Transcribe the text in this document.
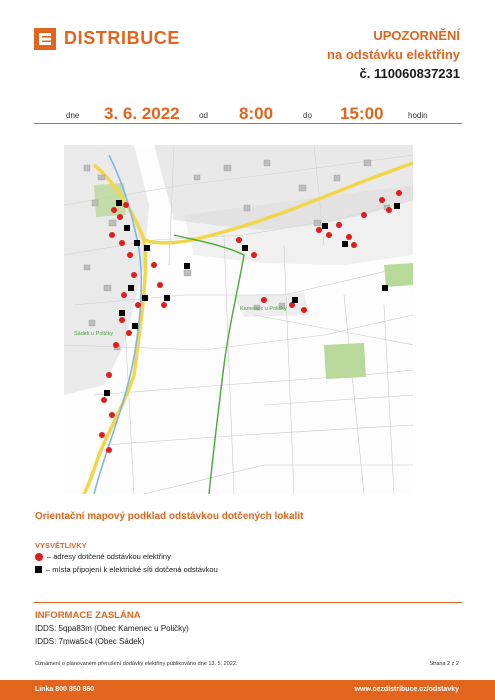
DISTRIBUCE	UPOZORNĚNÍ
na odstávku elektřiny
č. 110060837231
dne 3. 6. 2022 od 8:00	do 15:00	hodin
Kamenec u Poličky
Sádek u Poličky
Orientační mapový podklad odstávkou dotčených lokalit
VYSVĚTLIVKY
– adresy dotčené odstávkou elektřiny
– místa připojení k elektrické síti dotčená odstávkou
INFORMACE ZASLÁNA
IDDS: 5qpa83m (Obec Kamenec u Poličky)
IDDS: 7mwa5c4 (Obec Sádek)
Oznámení o plánovaném přerušení dodávky elektřiny publikováno dne 13. 5. 2022.	Strana 2 z 2
Linka 800 850 860	www.cezdistribuce.cz/odstavky
